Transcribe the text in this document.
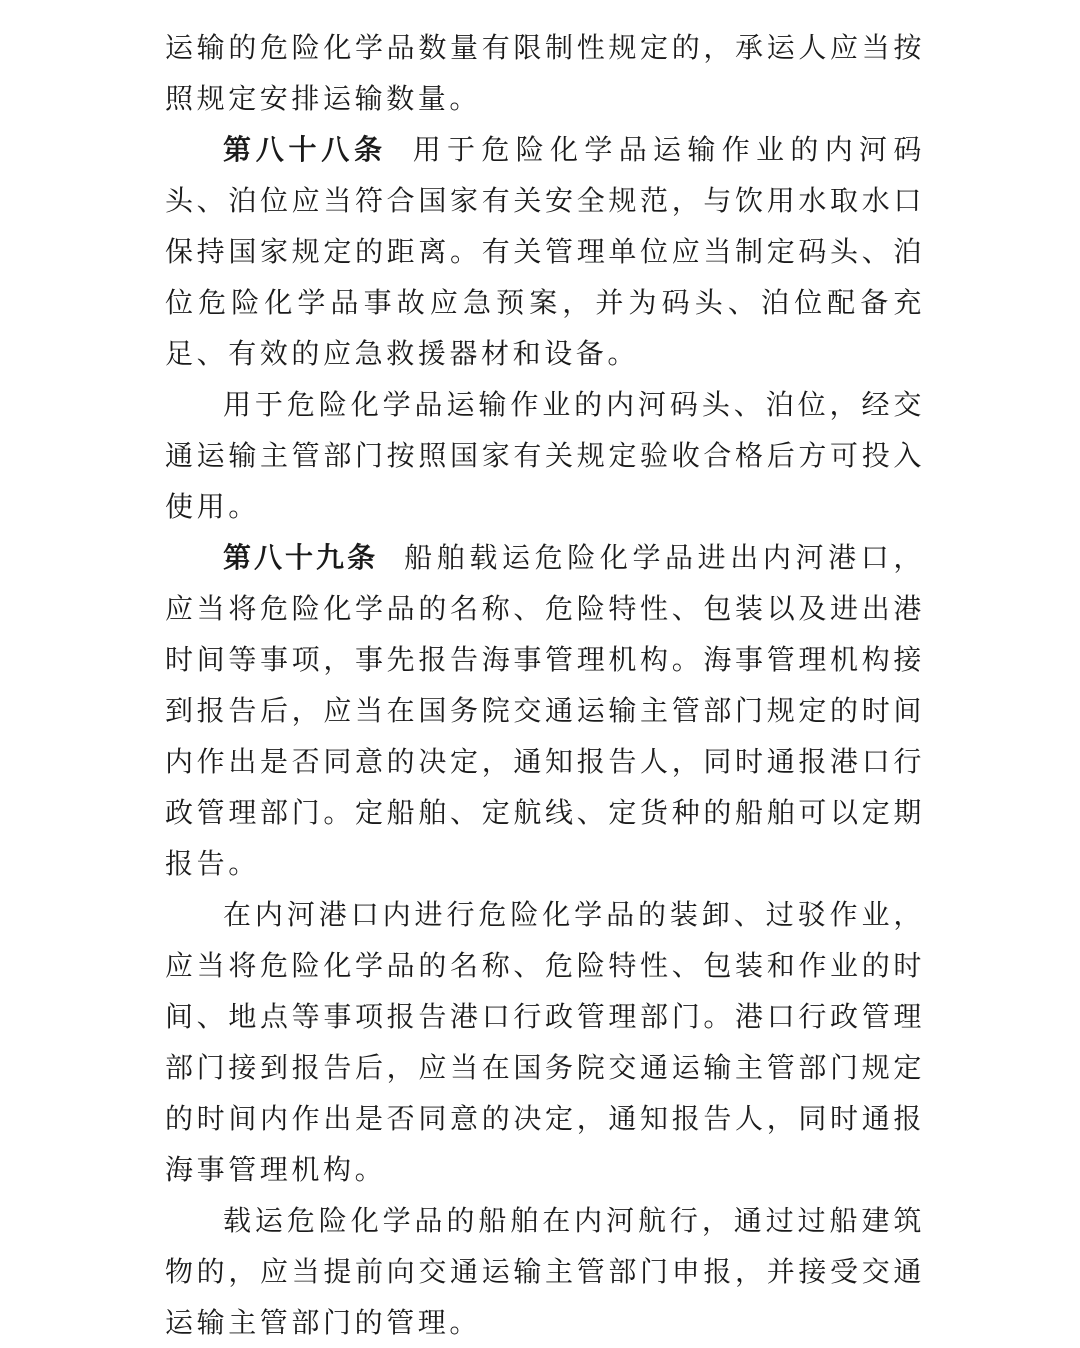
运输的危险化学品数量有限制性规定的，承运人应当按照规定安排运输数量。

第八十八条 用于危险化学品运输作业的内河码头、泊位应当符合国家有关安全规范，与饮用水取水口保持国家规定的距离。有关管理单位应当制定码头、泊位危险化学品事故应急预案，并为码头、泊位配备充足、有效的应急救援器材和设备。

用于危险化学品运输作业的内河码头、泊位，经交通运输主管部门按照国家有关规定验收合格后方可投入使用。

第八十九条 船舶载运危险化学品进出内河港口，应当将危险化学品的名称、危险特性、包装以及进出港时间等事项，事先报告海事管理机构。海事管理机构接到报告后，应当在国务院交通运输主管部门规定的时间内作出是否同意的决定，通知报告人，同时通报港口行政管理部门。定船舶、定航线、定货种的船舶可以定期报告。

在内河港口内进行危险化学品的装卸、过驳作业，应当将危险化学品的名称、危险特性、包装和作业的时间、地点等事项报告港口行政管理部门。港口行政管理部门接到报告后，应当在国务院交通运输主管部门规定的时间内作出是否同意的决定，通知报告人，同时通报海事管理机构。

载运危险化学品的船舶在内河航行，通过过船建筑物的，应当提前向交通运输主管部门申报，并接受交通运输主管部门的管理。
